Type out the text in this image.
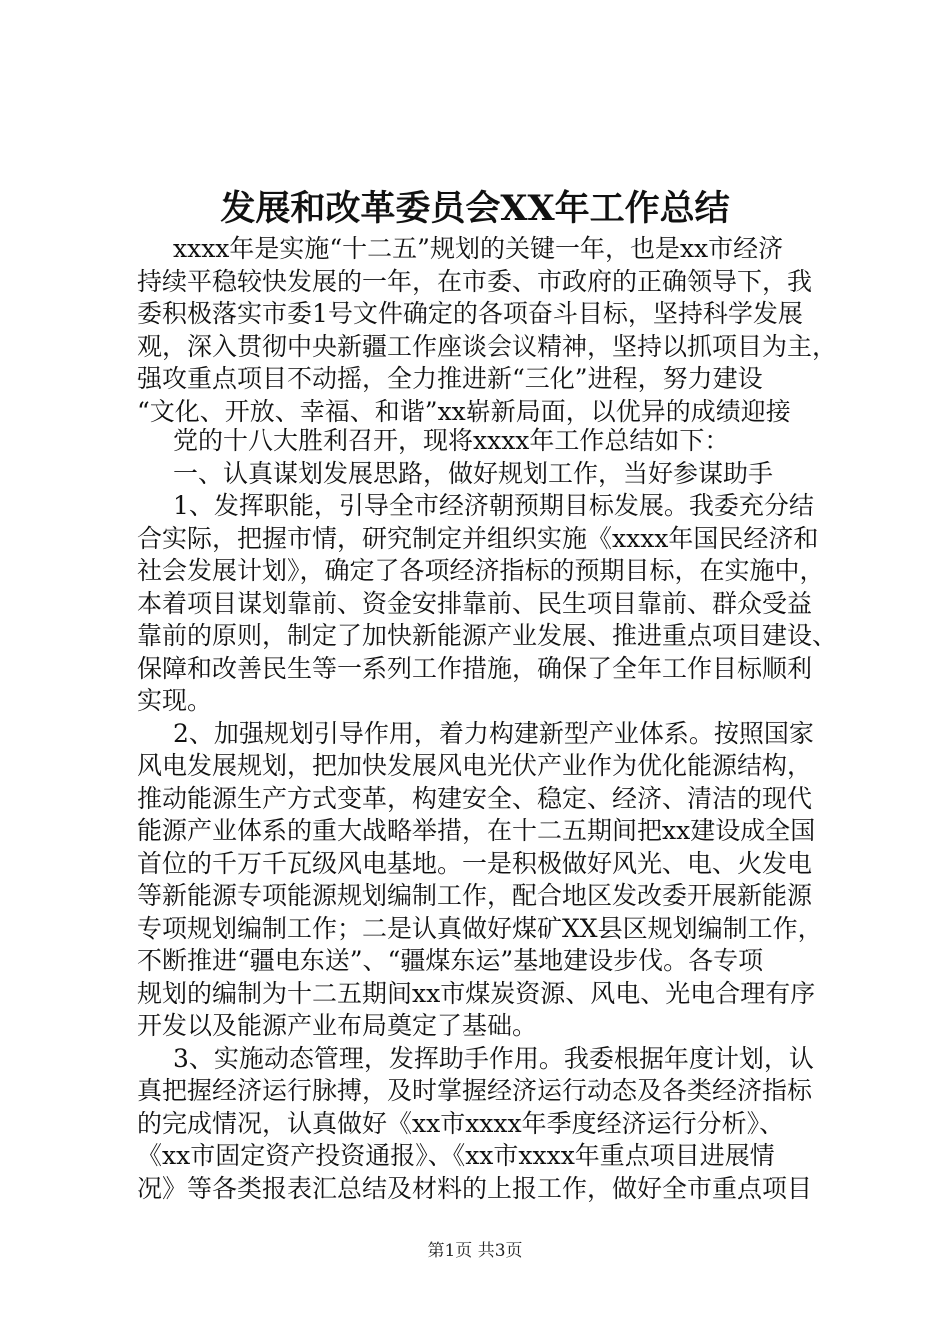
发展和改革委员会XX年工作总结
xxxx年是实施“十二五”规划的关键一年，也是xx市经济
持续平稳较快发展的一年，在市委、市政府的正确领导下，我
委积极落实市委1号文件确定的各项奋斗目标，坚持科学发展
观，深入贯彻中央新疆工作座谈会议精神，坚持以抓项目为主，
强攻重点项目不动摇，全力推进新“三化”进程，努力建设
“文化、开放、幸福、和谐”xx崭新局面，以优异的成绩迎接
党的十八大胜利召开，现将xxxx年工作总结如下：
一、认真谋划发展思路，做好规划工作，当好参谋助手
1、发挥职能，引导全市经济朝预期目标发展。我委充分结
合实际，把握市情，研究制定并组织实施《xxxx年国民经济和
社会发展计划》，确定了各项经济指标的预期目标，在实施中，
本着项目谋划靠前、资金安排靠前、民生项目靠前、群众受益
靠前的原则，制定了加快新能源产业发展、推进重点项目建设、
保障和改善民生等一系列工作措施，确保了全年工作目标顺利
实现。
2、加强规划引导作用，着力构建新型产业体系。按照国家
风电发展规划，把加快发展风电光伏产业作为优化能源结构，
推动能源生产方式变革，构建安全、稳定、经济、清洁的现代
能源产业体系的重大战略举措，在十二五期间把xx建设成全国
首位的千万千瓦级风电基地。一是积极做好风光、电、火发电
等新能源专项能源规划编制工作，配合地区发改委开展新能源
专项规划编制工作；二是认真做好煤矿XX县区规划编制工作，
不断推进“疆电东送”、“疆煤东运”基地建设步伐。各专项
规划的编制为十二五期间xx市煤炭资源、风电、光电合理有序
开发以及能源产业布局奠定了基础。
3、实施动态管理，发挥助手作用。我委根据年度计划，认
真把握经济运行脉搏，及时掌握经济运行动态及各类经济指标
的完成情况，认真做好《xx市xxxx年季度经济运行分析》、
《xx市固定资产投资通报》、《xx市xxxx年重点项目进展情
况》等各类报表汇总结及材料的上报工作，做好全市重点项目
第1页 共3页
